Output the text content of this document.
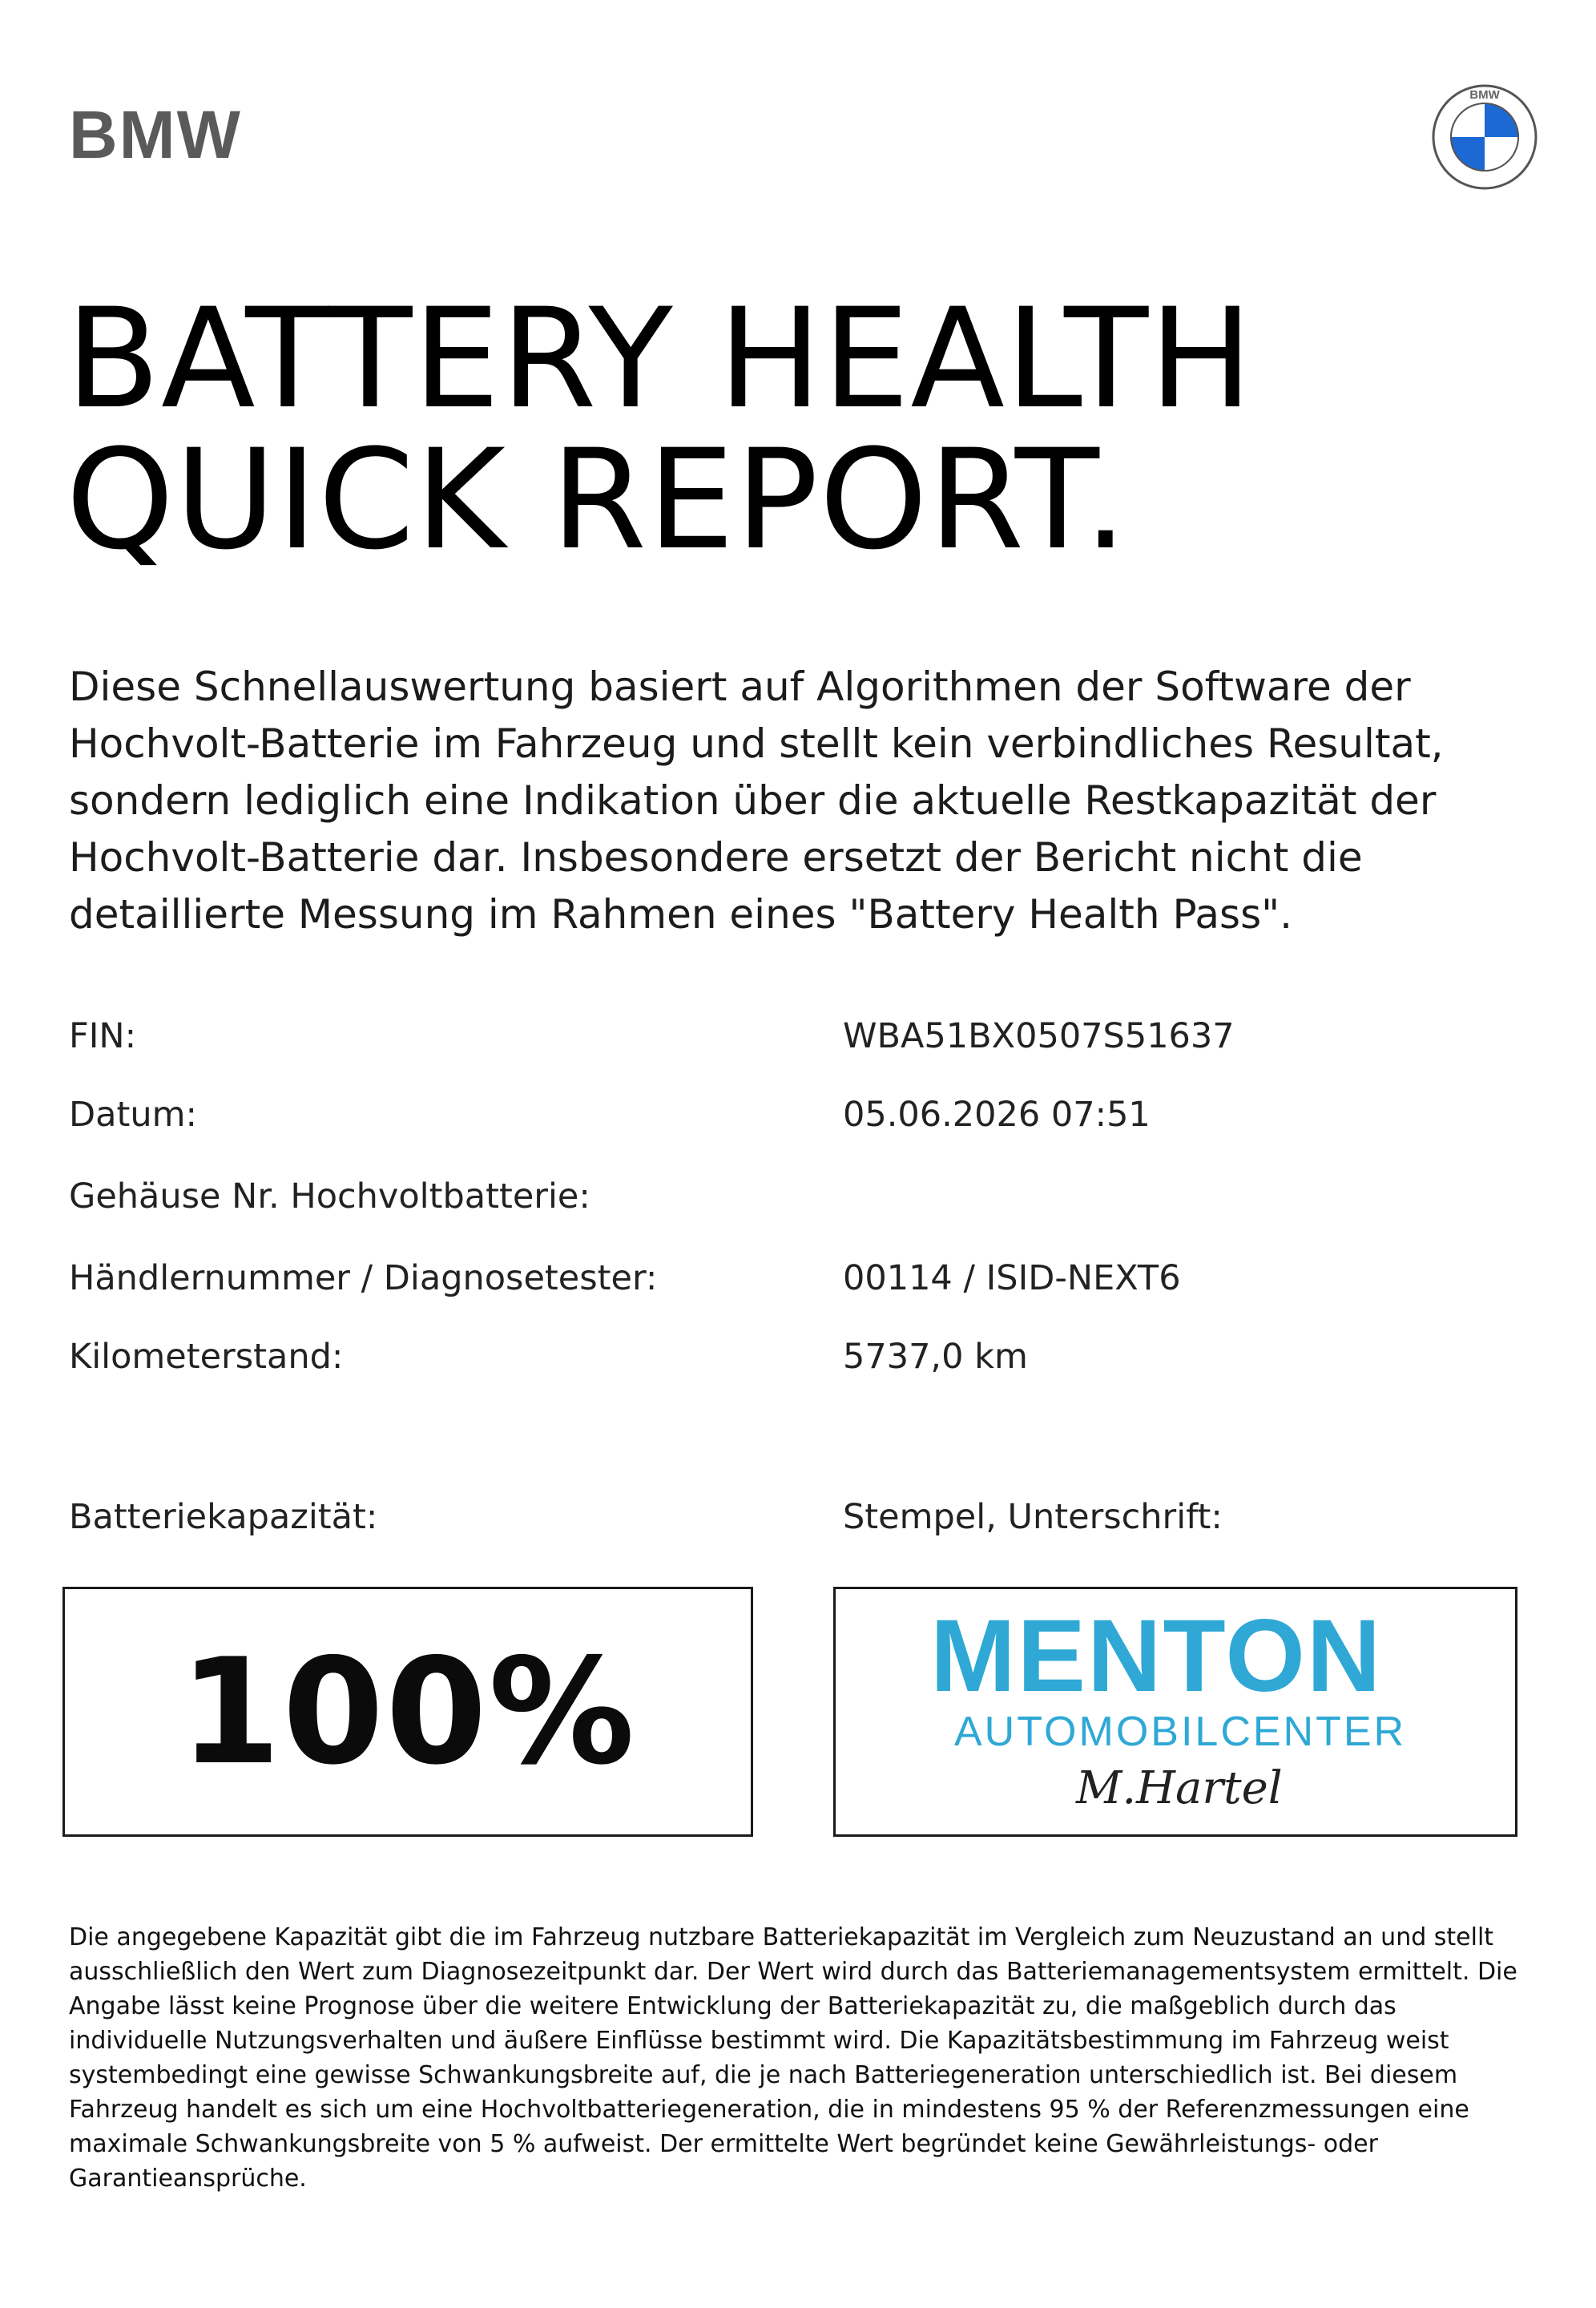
BMW
BMW
BATTERY HEALTH
QUICK REPORT.

Diese Schnellauswertung basiert auf Algorithmen der Software der Hochvolt-Batterie im Fahrzeug und stellt kein verbindliches Resultat, sondern lediglich eine Indikation über die aktuelle Restkapazität der Hochvolt-Batterie dar. Insbesondere ersetzt der Bericht nicht die detaillierte Messung im Rahmen eines "Battery Health Pass".

FIN:	WBA51BX0507S51637
Datum:	05.06.2026 07:51
Gehäuse Nr. Hochvoltbatterie:
Händlernummer / Diagnosetester:	00114 / ISID-NEXT6
Kilometerstand:	5737,0 km
Batteriekapazität:	Stempel, Unterschrift:
100%	MENTON
AUTOMOBILCENTER
M.Hartel

Die angegebene Kapazität gibt die im Fahrzeug nutzbare Batteriekapazität im Vergleich zum Neuzustand an und stellt ausschließlich den Wert zum Diagnosezeitpunkt dar. Der Wert wird durch das Batteriemanagementsystem ermittelt. Die Angabe lässt keine Prognose über die weitere Entwicklung der Batteriekapazität zu, die maßgeblich durch das individuelle Nutzungsverhalten und äußere Einflüsse bestimmt wird. Die Kapazitätsbestimmung im Fahrzeug weist systembedingt eine gewisse Schwankungsbreite auf, die je nach Batteriegeneration unterschiedlich ist. Bei diesem Fahrzeug handelt es sich um eine Hochvoltbatteriegeneration, die in mindestens 95 % der Referenzmessungen eine maximale Schwankungsbreite von 5 % aufweist. Der ermittelte Wert begründet keine Gewährleistungs- oder Garantieansprüche.
